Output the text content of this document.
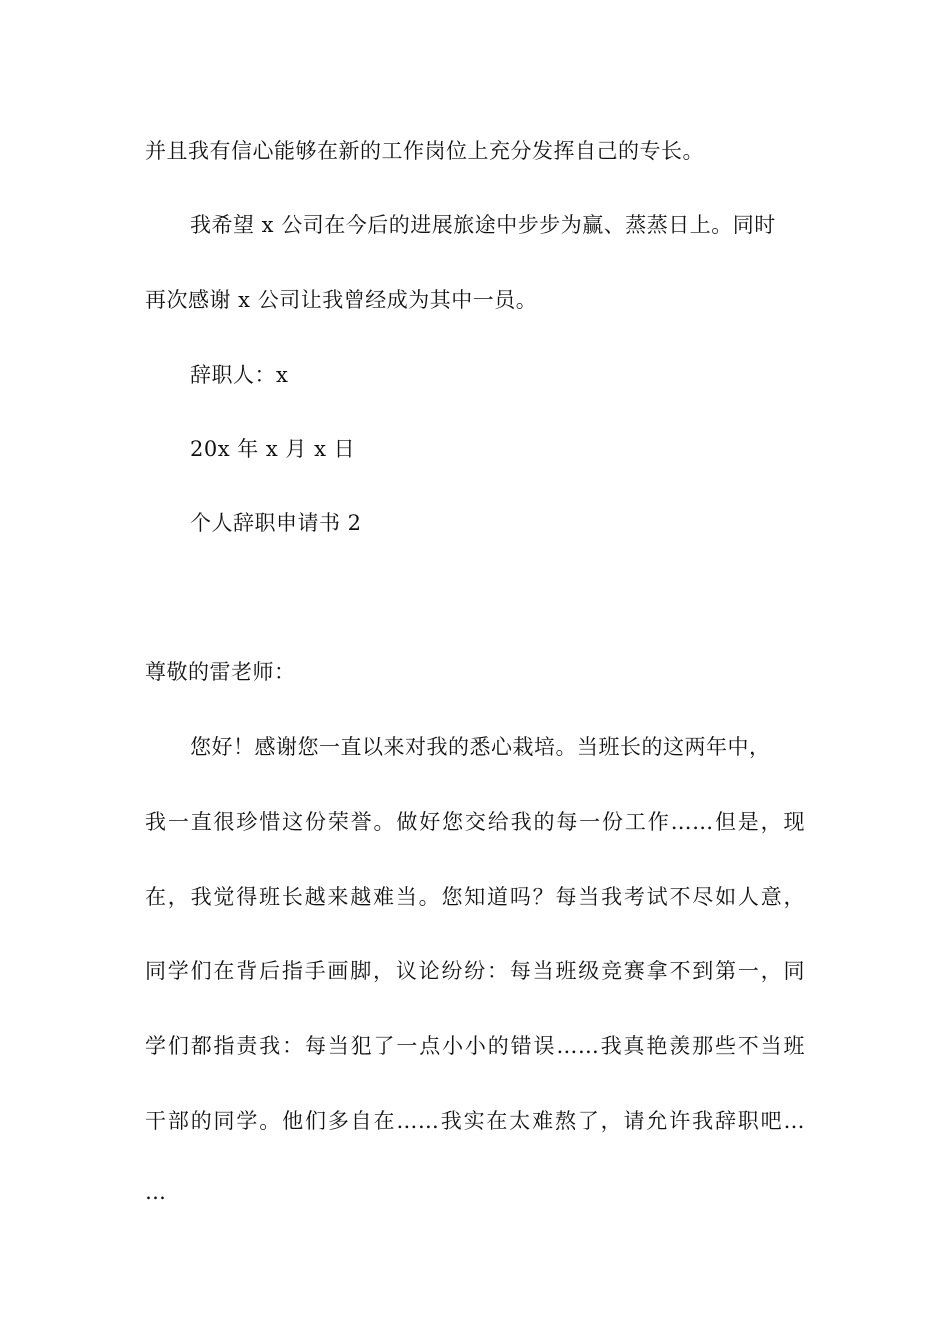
并且我有信心能够在新的工作岗位上充分发挥自己的专长。
我希望 x 公司在今后的进展旅途中步步为赢、蒸蒸日上。同时
再次感谢 x 公司让我曾经成为其中一员。
辞职人：x
20x 年 x 月 x 日
个人辞职申请书 2
尊敬的雷老师：
您好！感谢您一直以来对我的悉心栽培。当班长的这两年中，
我一直很珍惜这份荣誉。做好您交给我的每一份工作……但是，现
在，我觉得班长越来越难当。您知道吗？每当我考试不尽如人意，
同学们在背后指手画脚，议论纷纷：每当班级竞赛拿不到第一，同
学们都指责我：每当犯了一点小小的错误……我真艳羡那些不当班
干部的同学。他们多自在……我实在太难熬了，请允许我辞职吧…
…
